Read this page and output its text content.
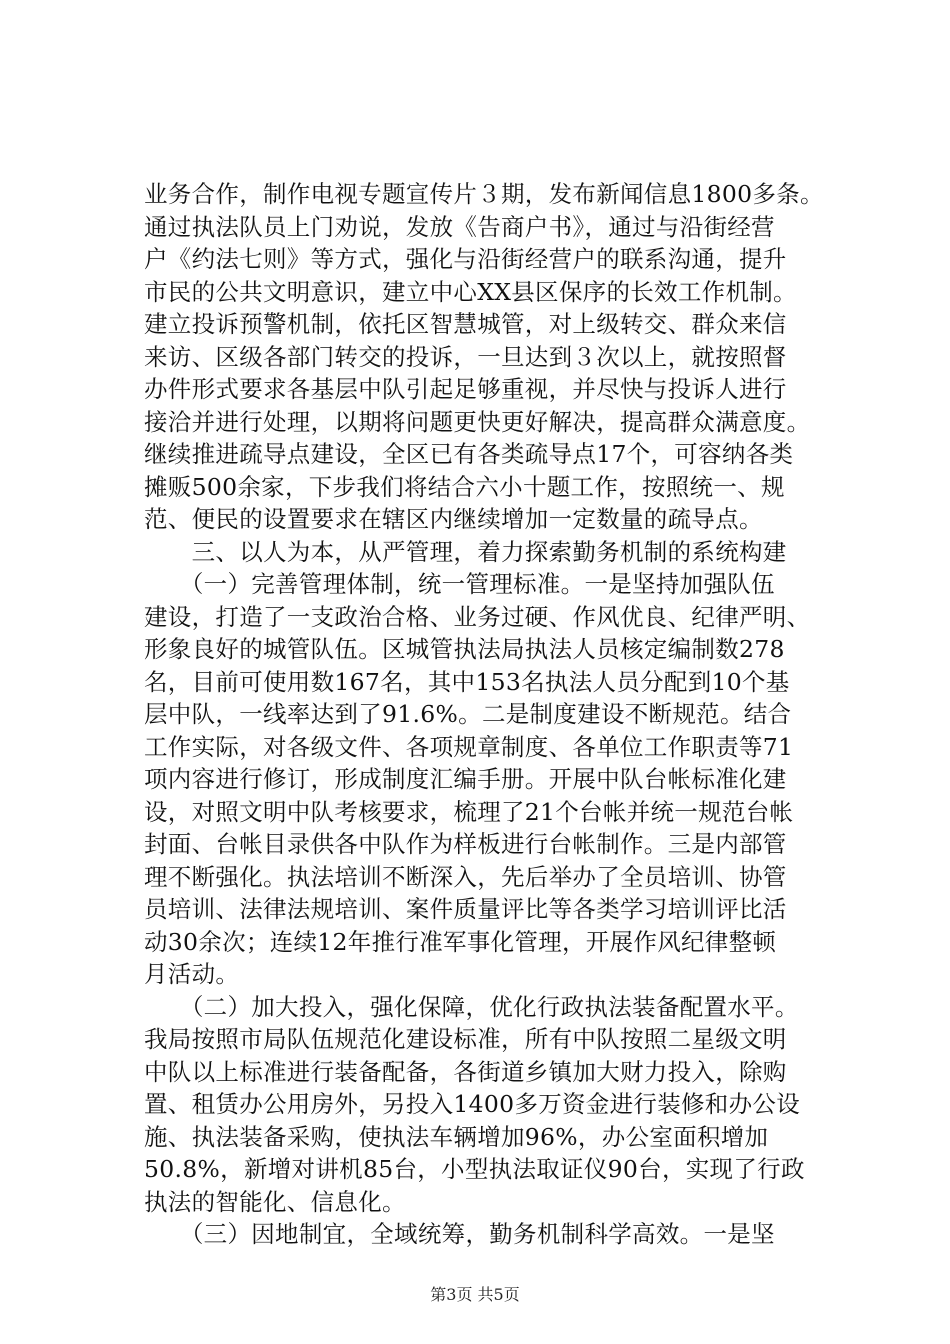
业务合作，制作电视专题宣传片３期，发布新闻信息1800多条。
通过执法队员上门劝说，发放《告商户书》，通过与沿街经营
户《约法七则》等方式，强化与沿街经营户的联系沟通，提升
市民的公共文明意识，建立中心XX县区保序的长效工作机制。
建立投诉预警机制，依托区智慧城管，对上级转交、群众来信
来访、区级各部门转交的投诉，一旦达到３次以上，就按照督
办件形式要求各基层中队引起足够重视，并尽快与投诉人进行
接洽并进行处理，以期将问题更快更好解决，提高群众满意度。
继续推进疏导点建设，全区已有各类疏导点17个，可容纳各类
摊贩500余家，下步我们将结合六小十题工作，按照统一、规
范、便民的设置要求在辖区内继续增加一定数量的疏导点。
　　三、以人为本，从严管理，着力探索勤务机制的系统构建
　　（一）完善管理体制，统一管理标准。一是坚持加强队伍
建设，打造了一支政治合格、业务过硬、作风优良、纪律严明、
形象良好的城管队伍。区城管执法局执法人员核定编制数278
名，目前可使用数167名，其中153名执法人员分配到10个基
层中队，一线率达到了91.6%。二是制度建设不断规范。结合
工作实际，对各级文件、各项规章制度、各单位工作职责等71
项内容进行修订，形成制度汇编手册。开展中队台帐标准化建
设，对照文明中队考核要求，梳理了21个台帐并统一规范台帐
封面、台帐目录供各中队作为样板进行台帐制作。三是内部管
理不断强化。执法培训不断深入，先后举办了全员培训、协管
员培训、法律法规培训、案件质量评比等各类学习培训评比活
动30余次；连续12年推行准军事化管理，开展作风纪律整顿
月活动。
　　（二）加大投入，强化保障，优化行政执法装备配置水平。
我局按照市局队伍规范化建设标准，所有中队按照二星级文明
中队以上标准进行装备配备，各街道乡镇加大财力投入，除购
置、租赁办公用房外，另投入1400多万资金进行装修和办公设
施、执法装备采购，使执法车辆增加96%，办公室面积增加
50.8%，新增对讲机85台，小型执法取证仪90台，实现了行政
执法的智能化、信息化。
　　（三）因地制宜，全域统筹，勤务机制科学高效。一是坚
第3页 共5页
